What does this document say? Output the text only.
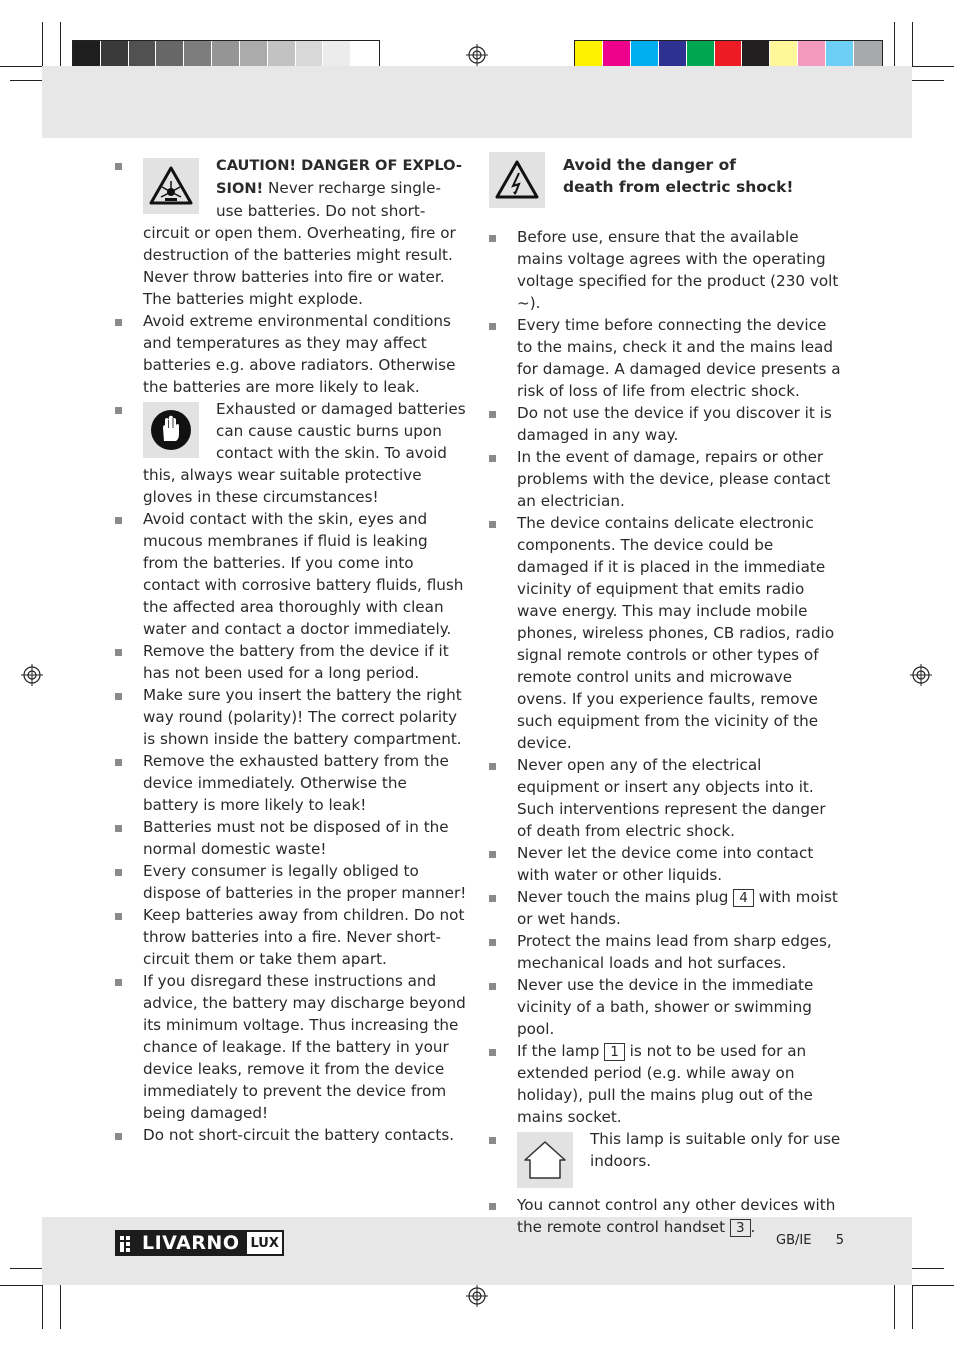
CAUTION! DANGER OF EXPLO-SION! Never recharge single-use batteries. Do not short-circuit or open them. Overheating, fire or destruction of the batteries might result. Never throw batteries into fire or water. The batteries might explode.

Avoid extreme environmental conditions and temperatures as they may affect batteries e.g. above radiators. Otherwise the batteries are more likely to leak.

Exhausted or damaged batteries can cause caustic burns upon contact with the skin. To avoid this, always wear suitable protective gloves in these circumstances!

Avoid contact with the skin, eyes and mucous membranes if fluid is leaking from the batteries. If you come into contact with corrosive battery fluids, flush the affected area thoroughly with clean water and contact a doctor immediately.

Remove the battery from the device if it has not been used for a long period.

Make sure you insert the battery the right way round (polarity)! The correct polarity is shown inside the battery compartment.

Remove the exhausted battery from the device immediately. Otherwise the battery is more likely to leak!

Batteries must not be disposed of in the normal domestic waste!

Every consumer is legally obliged to dispose of batteries in the proper manner!

Keep batteries away from children. Do not throw batteries into a fire. Never short-circuit them or take them apart.

If you disregard these instructions and advice, the battery may discharge beyond its minimum voltage. Thus increasing the chance of leakage. If the battery in your device leaks, remove it from the device immediately to prevent the device from being damaged!

Do not short-circuit the battery contacts.

Avoid the danger of
death from electric shock!

Before use, ensure that the available mains voltage agrees with the operating voltage specified for the product (230 volt ~).

Every time before connecting the device to the mains, check it and the mains lead for damage. A damaged device presents a risk of loss of life from electric shock.

Do not use the device if you discover it is damaged in any way.

In the event of damage, repairs or other problems with the device, please contact an electrician.

The device contains delicate electronic components. The device could be damaged if it is placed in the immediate vicinity of equipment that emits radio wave energy. This may include mobile phones, wireless phones, CB radios, radio signal remote controls or other types of remote control units and microwave ovens. If you experience faults, remove such equipment from the vicinity of the device.

Never open any of the electrical equipment or insert any objects into it. Such interventions represent the danger of death from electric shock.

Never let the device come into contact with water or other liquids.

Never touch the mains plug 4 with moist or wet hands.

Protect the mains lead from sharp edges, mechanical loads and hot surfaces.

Never use the device in the immediate vicinity of a bath, shower or swimming pool.

If the lamp 1 is not to be used for an extended period (e.g. while away on holiday), pull the mains plug out of the mains socket.

This lamp is suitable only for use indoors.

You cannot control any other devices with the remote control handset 3 .

LIVARNO LUX	GB/IE 5
